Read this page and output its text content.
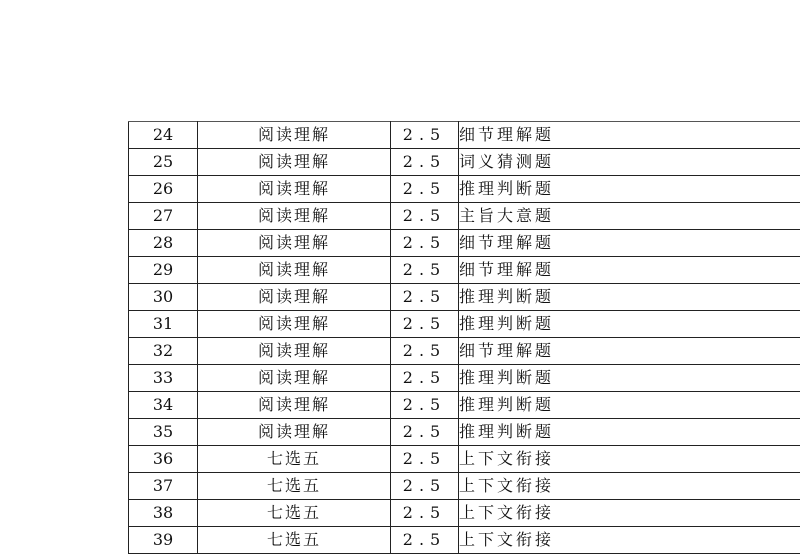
24	阅读理解	2.5	细节理解题
25	阅读理解	2.5	词义猜测题
26	阅读理解	2.5	推理判断题
27	阅读理解	2.5	主旨大意题
28	阅读理解	2.5	细节理解题
29	阅读理解	2.5	细节理解题
30	阅读理解	2.5	推理判断题
31	阅读理解	2.5	推理判断题
32	阅读理解	2.5	细节理解题
33	阅读理解	2.5	推理判断题
34	阅读理解	2.5	推理判断题
35	阅读理解	2.5	推理判断题
36	七选五	2.5	上下文衔接
37	七选五	2.5	上下文衔接
38	七选五	2.5	上下文衔接
39	七选五	2.5	上下文衔接
